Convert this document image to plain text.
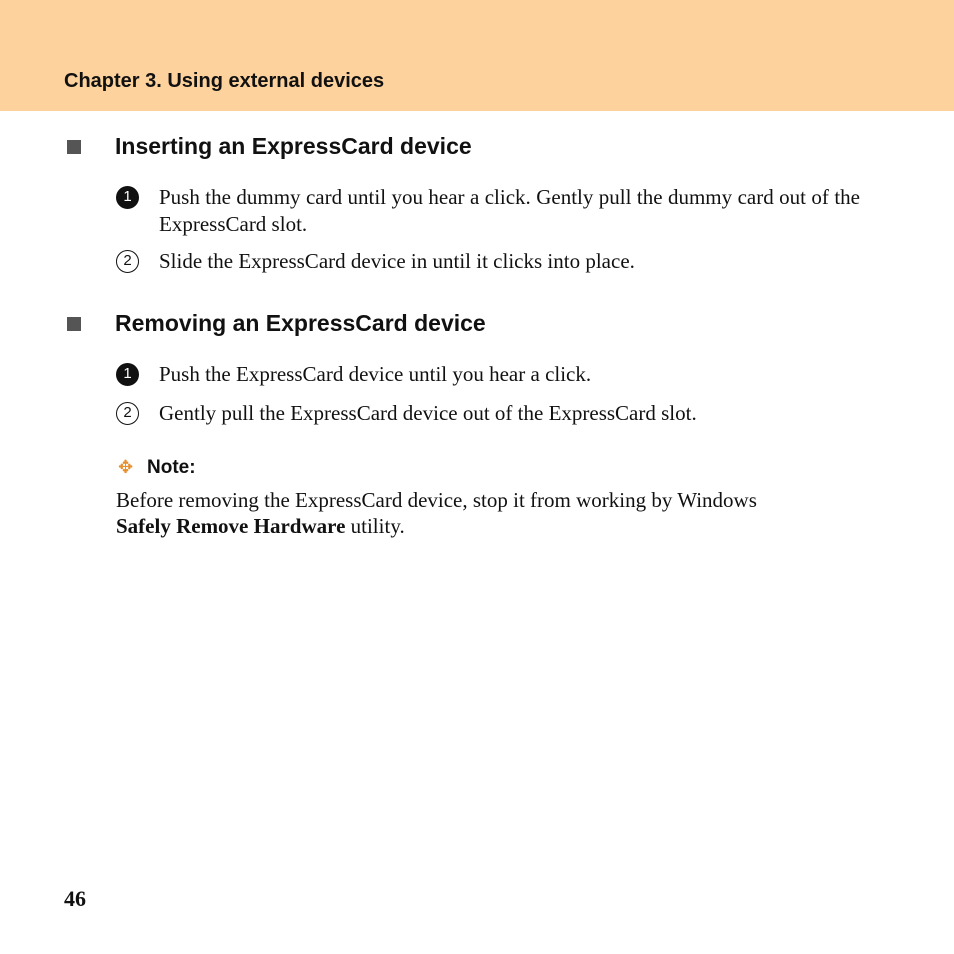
Chapter 3. Using external devices
Inserting an ExpressCard device
1	Push the dummy card until you hear a click. Gently pull the dummy card out of the ExpressCard slot.
2	Slide the ExpressCard device in until it clicks into place.
Removing an ExpressCard device
1	Push the ExpressCard device until you hear a click.
2	Gently pull the ExpressCard device out of the ExpressCard slot.
✥ Note:
Before removing the ExpressCard device, stop it from working by Windows Safely Remove Hardware utility.
46
